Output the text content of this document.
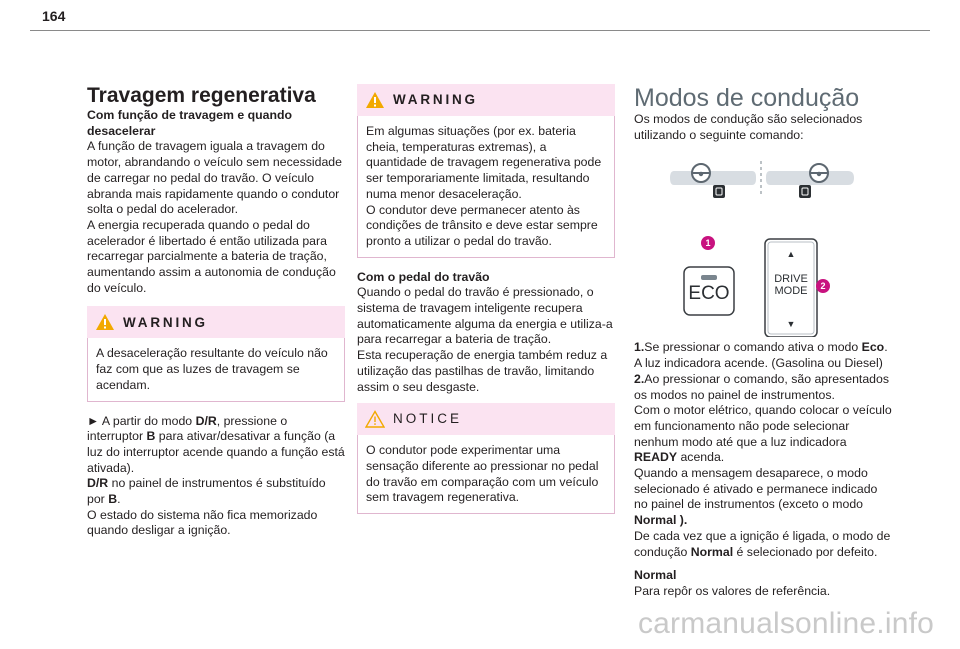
164

Travagem regenerativa

Com função de travagem e quando desacelerar

A função de travagem iguala a travagem do motor, abrandando o veículo sem necessidade de carregar no pedal do travão. O veículo abranda mais rapidamente quando o condutor solta o pedal do acelerador.

A energia recuperada quando o pedal do acelerador é libertado é então utilizada para recarregar parcialmente a bateria de tração, aumentando assim a autonomia de condução do veículo.

WARNING

A desaceleração resultante do veículo não faz com que as luzes de travagem se acendam.

► A partir do modo D/R, pressione o interruptor B para ativar/desativar a função (a luz do interruptor acende quando a função está ativada).

D/R no painel de instrumentos é substituído por B.

O estado do sistema não fica memorizado quando desligar a ignição.

WARNING

Em algumas situações (por ex. bateria cheia, temperaturas extremas), a quantidade de travagem regenerativa pode ser temporariamente limitada, resultando numa menor desaceleração.

O condutor deve permanecer atento às condições de trânsito e deve estar sempre pronto a utilizar o pedal do travão.

Com o pedal do travão

Quando o pedal do travão é pressionado, o sistema de travagem inteligente recupera automaticamente alguma da energia e utiliza-a para recarregar a bateria de tração.

Esta recuperação de energia também reduz a utilização das pastilhas de travão, limitando assim o seu desgaste.

NOTICE

O condutor pode experimentar uma sensação diferente ao pressionar no pedal do travão em comparação com um veículo sem travagem regenerativa.

Modos de condução

Os modos de condução são selecionados utilizando o seguinte comando:

1
ECO
▲
DRIVE
MODE
▼
2

1.Se pressionar o comando ativa o modo Eco. A luz indicadora acende. (Gasolina ou Diesel)

2.Ao pressionar o comando, são apresentados os modos no painel de instrumentos.

Com o motor elétrico, quando colocar o veículo em funcionamento não pode selecionar nenhum modo até que a luz indicadora READY acenda.

Quando a mensagem desaparece, o modo selecionado é ativado e permanece indicado no painel de instrumentos (exceto o modo Normal ).

De cada vez que a ignição é ligada, o modo de condução Normal é selecionado por defeito.

Normal

Para repôr os valores de referência.

carmanualsonline.info
